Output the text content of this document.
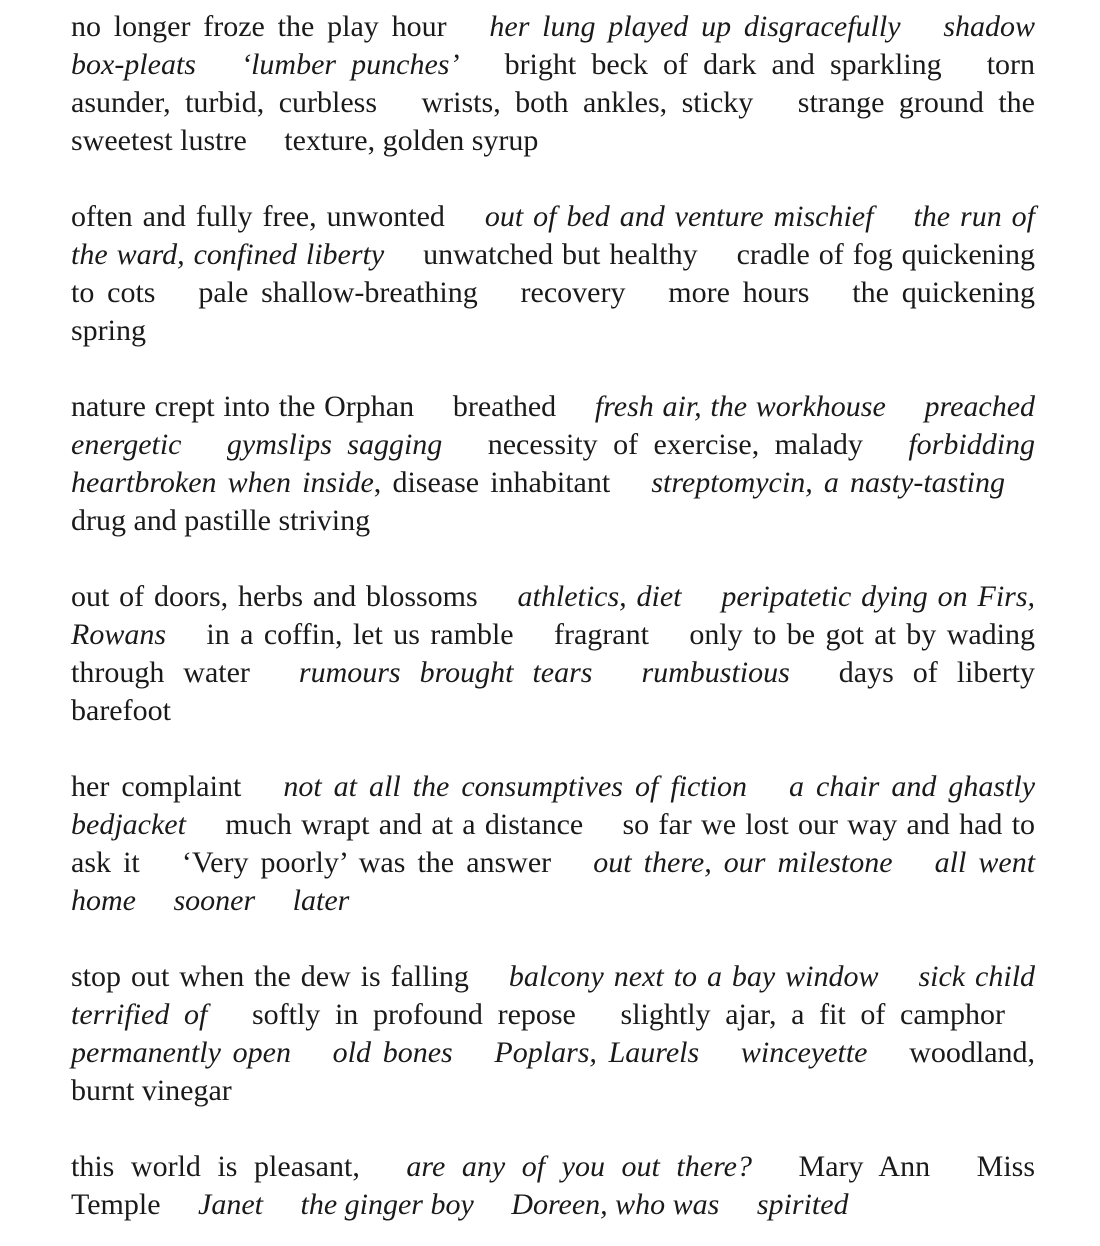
no longer froze the play hour  her lung played up disgracefully  shadow box-pleats  ‘lumber punches’  bright beck of dark and sparkling  torn asunder, turbid, curbless  wrists, both ankles, sticky  strange ground the sweetest lustre  texture, golden syrup

often and fully free, unwonted  out of bed and venture mischief  the run of the ward, confined liberty  unwatched but healthy  cradle of fog quickening to cots  pale shallow-breathing  recovery  more hours  the quickening spring

nature crept into the Orphan  breathed  fresh air, the workhouse  preached energetic  gymslips sagging  necessity of exercise, malady  forbidding heartbroken when inside, disease inhabitant  streptomycin, a nasty-tasting  drug and pastille striving

out of doors, herbs and blossoms  athletics, diet  peripatetic dying on Firs, Rowans  in a coffin, let us ramble  fragrant  only to be got at by wading through water  rumours brought tears  rumbustious  days of liberty barefoot

her complaint  not at all the consumptives of fiction  a chair and ghastly bedjacket  much wrapt and at a distance  so far we lost our way and had to ask it  ‘Very poorly’ was the answer  out there, our milestone  all went home  sooner  later

stop out when the dew is falling  balcony next to a bay window  sick child terrified of  softly in profound repose  slightly ajar, a fit of camphor  permanently open  old bones  Poplars, Laurels  winceyette  woodland, burnt vinegar

this world is pleasant,  are any of you out there?  Mary Ann  Miss Temple  Janet  the ginger boy  Doreen, who was  spirited
